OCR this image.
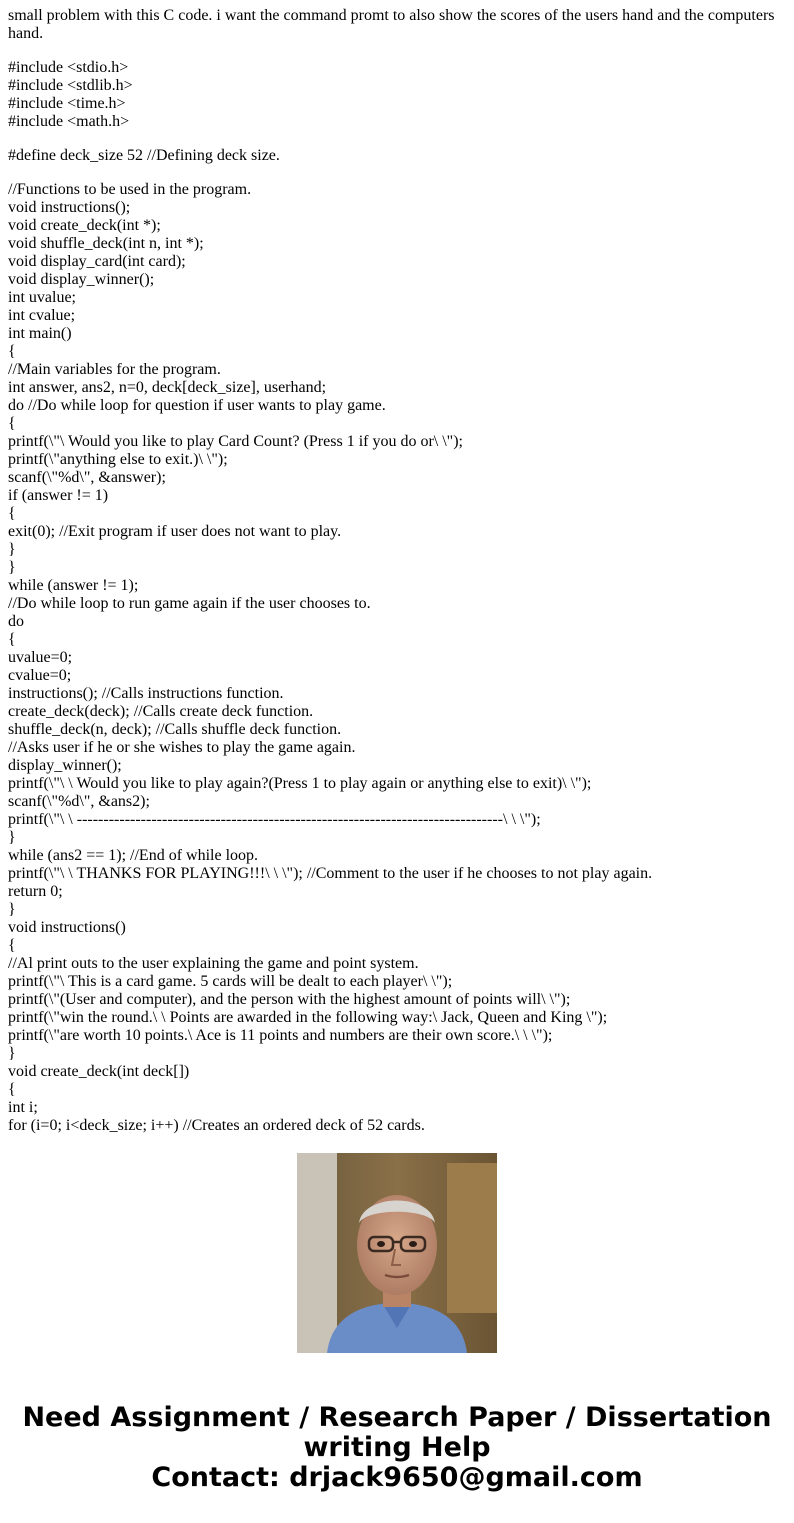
small problem with this C code. i want the command promt to also show the scores of the users hand and the computers hand.
#include <stdio.h>
#include <stdlib.h>
#include <time.h>
#include <math.h>
#define deck_size 52 //Defining deck size.
//Functions to be used in the program.
void instructions();
void create_deck(int *);
void shuffle_deck(int n, int *);
void display_card(int card);
void display_winner();
int uvalue;
int cvalue;
int main()
{
//Main variables for the program.
int answer, ans2, n=0, deck[deck_size], userhand;
do //Do while loop for question if user wants to play game.
{
printf(\"\ Would you like to play Card Count? (Press 1 if you do or\ \");
printf(\"anything else to exit.)\ \");
scanf(\"%d\", &answer);
if (answer != 1)
{
exit(0); //Exit program if user does not want to play.
}
}
while (answer != 1);
//Do while loop to run game again if the user chooses to.
do
{
uvalue=0;
cvalue=0;
instructions(); //Calls instructions function.
create_deck(deck); //Calls create deck function.
shuffle_deck(n, deck); //Calls shuffle deck function.
//Asks user if he or she wishes to play the game again.
display_winner();
printf(\"\ \ Would you like to play again?(Press 1 to play again or anything else to exit)\ \");
scanf(\"%d\", &ans2);
printf(\"\ \ --------------------------------------------------------------------------------\ \ \");
}
while (ans2 == 1); //End of while loop.
printf(\"\ \ THANKS FOR PLAYING!!!\ \ \"); //Comment to the user if he chooses to not play again.
return 0;
}
void instructions()
{
//Al print outs to the user explaining the game and point system.
printf(\"\ This is a card game. 5 cards will be dealt to each player\ \");
printf(\"(User and computer), and the person with the highest amount of points will\ \");
printf(\"win the round.\ \ Points are awarded in the following way:\ Jack, Queen and King \");
printf(\"are worth 10 points.\ Ace is 11 points and numbers are their own score.\ \ \");
}
void create_deck(int deck[])
{
int i;
for (i=0; i<deck_size; i++) //Creates an ordered deck of 52 cards.
Need Assignment / Research Paper / Dissertation
writing Help
Contact: drjack9650@gmail.com
